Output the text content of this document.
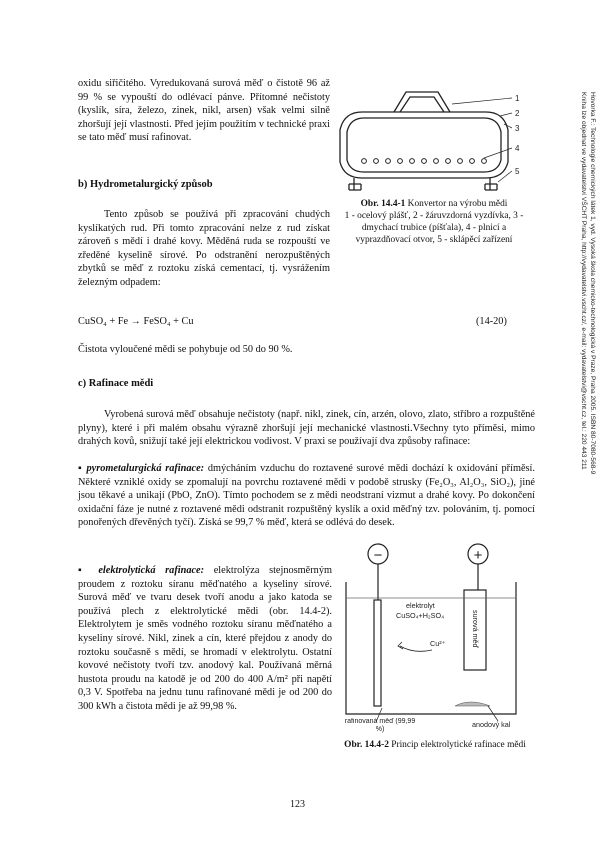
Hovorka F.: Technologie chemických látek 1, vyd. Vysoká škola chemicko-technologická v Praze, Praha 2005. ISBN 80-7080-568-9
Kniha lze objednat ve vydavatelství VŠCHT Praha, http://vydavatelstvi.vscht.cz/, e-mail: vydavatelstvi@vscht.cz, tel.: 220 443 211

oxidu siřičitého. Vyredukovaná surová měď o čistotě 96 až 99 % se vypouští do odlévací pánve. Přítomné nečistoty (kyslík, síra, železo, zinek, nikl, arsen) však velmi silně zhoršují její vlastnosti. Před jejím použitím v technické praxi se tato měď musí rafinovat.

b) Hydrometalurgický způsob

Tento způsob se používá při zpracování chudých kyslíkatých rud. Při tomto zpracování nelze z rud získat zároveň s mědí i drahé kovy. Měděná ruda se rozpouští ve zředěné kyselině sírové. Po odstranění nerozpuštěných zbytků se měď z roztoku získá cementací, tj. vysrážením železným odpadem:

CuSO₄ + Fe → FeSO₄ + Cu	(14-20)

Čistota vyloučené mědi se pohybuje od 50 do 90 %.

1
2
3
4
5
Obr. 14.4-1 Konvertor na výrobu mědi
1 - ocelový plášť, 2 - žáruvzdorná vyzdívka, 3 - dmychací trubice (píšťala), 4 - plnicí a vyprazdňovací otvor, 5 - sklápěcí zařízení
c) Rafinace mědi

Vyrobená surová měď obsahuje nečistoty (např. nikl, zinek, cín, arzén, olovo, zlato, stříbro a rozpuštěné plyny), které i při malém obsahu výrazně zhoršují její mechanické vlastnosti.Všechny tyto příměsi, mimo drahých kovů, snižují také její elektrickou vodivost. V praxi se používají dva způsoby rafinace:

▪ pyrometalurgická rafinace: dmýcháním vzduchu do roztavené surové mědi dochází k oxidování příměsí. Některé vzniklé oxidy se zpomalují na povrchu roztavené mědi v podobě strusky (Fe₂O₃, Al₂O₃, SiO₂), jiné jsou těkavé a unikají (PbO, ZnO). Tímto pochodem se z mědi neodstraní vizmut a drahé kovy. Po dokončení oxidační fáze je nutné z roztavené mědi odstranit rozpuštěný kyslík a oxid měďný tzv. polováním, tj. pomocí ponořených dřevěných tyčí). Získá se 99,7 % měď, která se odlévá do desek.

▪ elektrolytická rafinace: elektrolýza stejnosměrným proudem z roztoku síranu měďnatého a kyseliny sírové. Surová měď ve tvaru desek tvoří anodu a jako katoda se používá plech z elektrolytické mědi (obr. 14.4-2). Elektrolytem je směs vodného roztoku síranu měďnatého a kyseliny sírové. Nikl, zinek a cín, které přejdou z anody do roztoku současně s mědí, se hromadí v elektrolytu. Ostatní kovové nečistoty tvoří tzv. anodový kal. Používaná měrná hustota proudu na katodě je od 200 do 400 A/m² při napětí 0,3 V. Spotřeba na jednu tunu rafinované mědi je od 200 do 300 kWh a čistota mědi je až 99,98 %.

−	+
elektrolyt
CuSO₄+H₂SO₄
Cu²⁺	surová měď
rafinovaná měď (99,99 %)
anodový kal
Obr. 14.4-2 Princip elektrolytické rafinace mědi
123
